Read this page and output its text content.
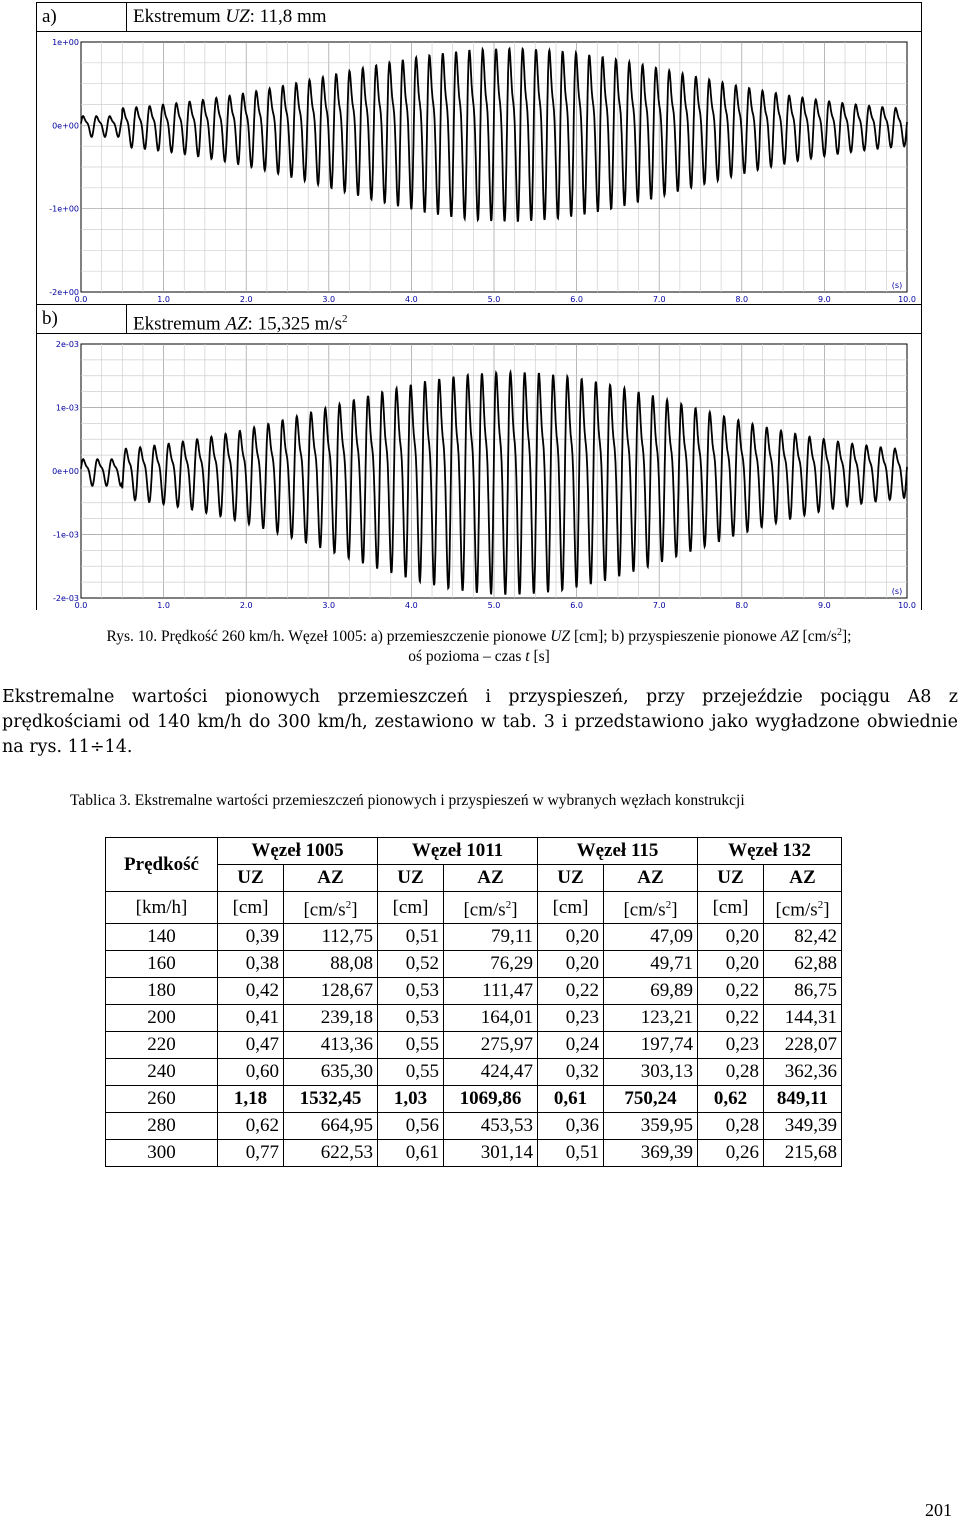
a)	Ekstremum UZ: 11,8 mm
1e+00
0e+00
-1e+00
-2e+00
0.0	1.0	2.0	3.0	4.0	5.0	6.0	7.0	8.0	9.0	10.0
(s)
b)	Ekstremum AZ: 15,325 $m/s^2$
2e-03
1e-03
0e+00
-1e-03
-2e-03
0.0	1.0	2.0	3.0	4.0	5.0	6.0	7.0	8.0	9.0	10.0
(s)
Rys. 10. Prędkość 260 km/h. Węzeł 1005: a) przemieszczenie pionowe UZ [cm]; b) przyspieszenie pionowe AZ $[cm/s^2]$;
oś pozioma – czas t [s]
Ekstremalne wartości pionowych przemieszczeń i przyspieszeń, przy przejeździe pociągu A8 z prędkościami od 140 km/h do 300 km/h, zestawiono w tab. 3 i przedstawiono jako wygładzone obwiednie na rys. 11÷14.
Tablica 3. Ekstremalne wartości przemieszczeń pionowych i przyspieszeń w wybranych węzłach konstrukcji
Prędkość	Węzeł 1005		Węzeł 1011		Węzeł 115		Węzeł 132	
	UZ	AZ	UZ	AZ	UZ	AZ	UZ	AZ
[km/h]	[cm]	$[cm/s^2]$	[cm]	$[cm/s^2]$	[cm]	$[cm/s^2]$	[cm]	$[cm/s^2]$
140	0,39	112,75	0,51	79,11	0,20	47,09	0,20	82,42
160	0,38	88,08	0,52	76,29	0,20	49,71	0,20	62,88
180	0,42	128,67	0,53	111,47	0,22	69,89	0,22	86,75
200	0,41	239,18	0,53	164,01	0,23	123,21	0,22	144,31
220	0,47	413,36	0,55	275,97	0,24	197,74	0,23	228,07
240	0,60	635,30	0,55	424,47	0,32	303,13	0,28	362,36
260	1,18	1532,45	1,03	1069,86	0,61	750,24	0,62	849,11
280	0,62	664,95	0,56	453,53	0,36	359,95	0,28	349,39
300	0,77	622,53	0,61	301,14	0,51	369,39	0,26	215,68
201
